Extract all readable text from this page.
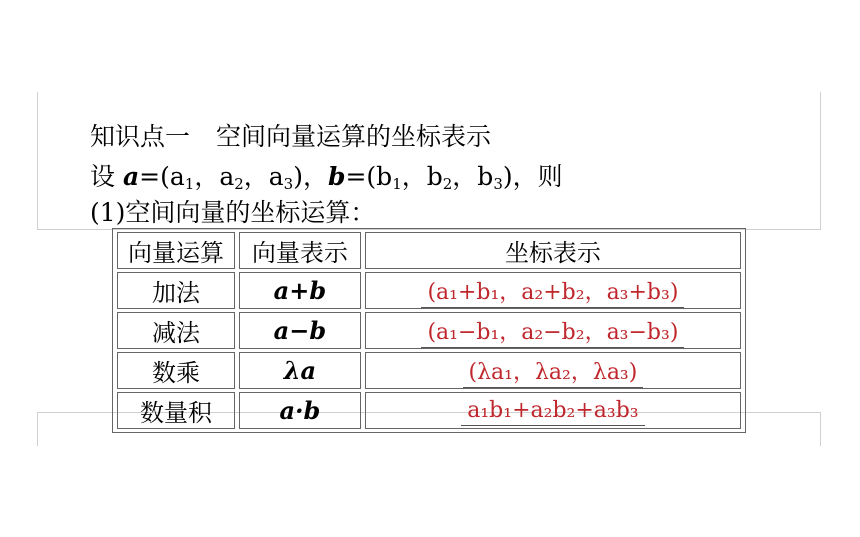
知识点一 空间向量运算的坐标表示
设 $a=(a_1$，$a_2$，$a_3$)，$b=(b_1$，$b_2$，$b_3$)，则
(1)空间向量的坐标运算：
向量运算	向量表示	坐标表示
加法	a+b	(a₁+b₁，a₂+b₂，a₃+b₃)
减法	a−b	(a₁−b₁，a₂−b₂，a₃−b₃)
数乘	λa	(λa₁，λa₂，λa₃)
数量积	a·b	a₁b₁+a₂b₂+a₃b₃
